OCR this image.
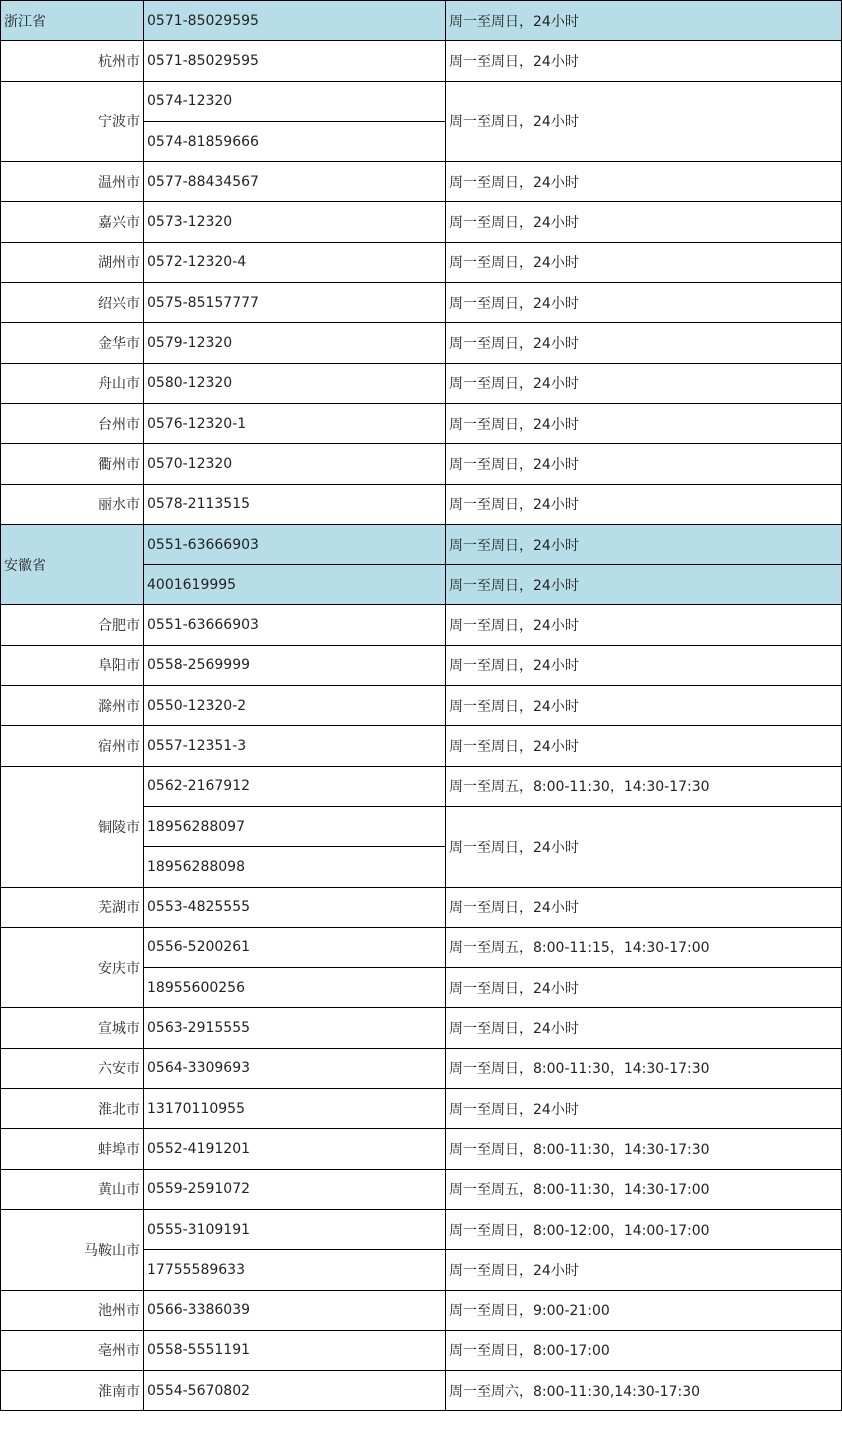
浙江省	0571-85029595	周一至周日，24小时
杭州市	0571-85029595	周一至周日，24小时
宁波市	0574-12320	周一至周日，24小时
	0574-81859666	
温州市	0577-88434567	周一至周日，24小时
嘉兴市	0573-12320	周一至周日，24小时
湖州市	0572-12320-4	周一至周日，24小时
绍兴市	0575-85157777	周一至周日，24小时
金华市	0579-12320	周一至周日，24小时
舟山市	0580-12320	周一至周日，24小时
台州市	0576-12320-1	周一至周日，24小时
衢州市	0570-12320	周一至周日，24小时
丽水市	0578-2113515	周一至周日，24小时
安徽省	0551-63666903	周一至周日，24小时
	4001619995	周一至周日，24小时
合肥市	0551-63666903	周一至周日，24小时
阜阳市	0558-2569999	周一至周日，24小时
滁州市	0550-12320-2	周一至周日，24小时
宿州市	0557-12351-3	周一至周日，24小时
铜陵市	0562-2167912	周一至周五，8:00-11:30，14:30-17:30
	18956288097	周一至周日，24小时
	18956288098	
芜湖市	0553-4825555	周一至周日，24小时
安庆市	0556-5200261	周一至周五，8:00-11:15，14:30-17:00
	18955600256	周一至周日，24小时
宣城市	0563-2915555	周一至周日，24小时
六安市	0564-3309693	周一至周日，8:00-11:30，14:30-17:30
淮北市	13170110955	周一至周日，24小时
蚌埠市	0552-4191201	周一至周日，8:00-11:30，14:30-17:30
黄山市	0559-2591072	周一至周五，8:00-11:30，14:30-17:00
马鞍山市	0555-3109191	周一至周日，8:00-12:00，14:00-17:00
	17755589633	周一至周日，24小时
池州市	0566-3386039	周一至周日，9:00-21:00
亳州市	0558-5551191	周一至周日，8:00-17:00
淮南市	0554-5670802	周一至周六，8:00-11:30,14:30-17:30
